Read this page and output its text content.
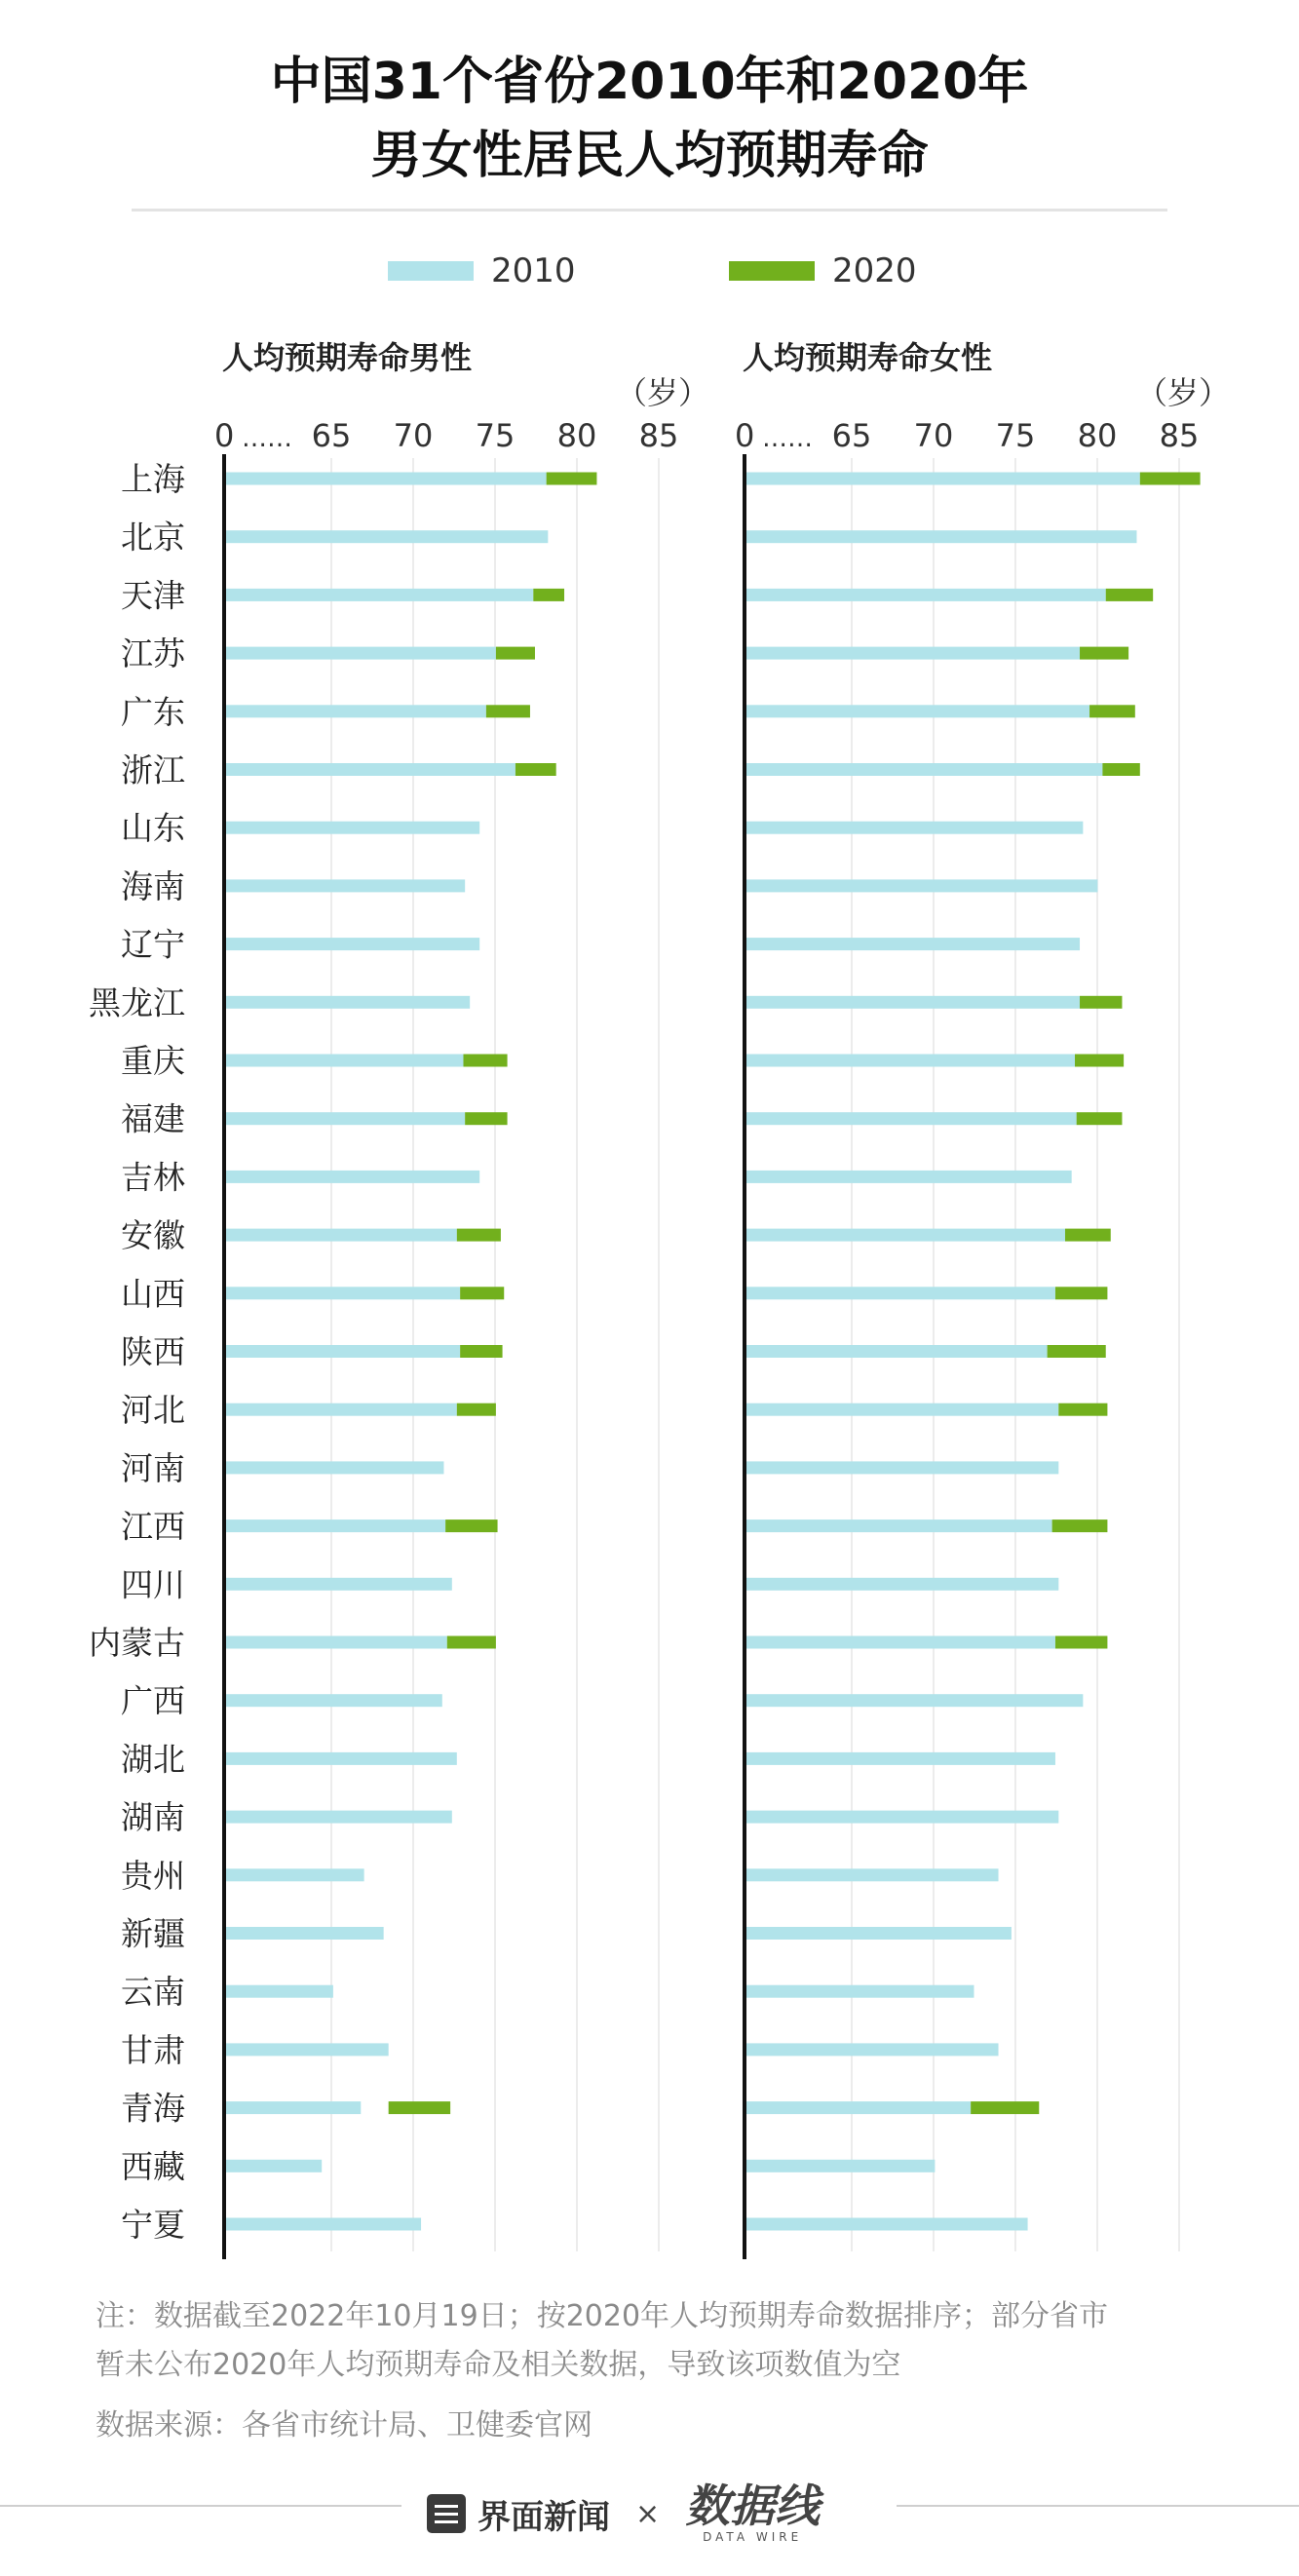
中国31个省份2010年和2020年
男女性居民人均预期寿命
2010	2020
人均预期寿命男性
（岁）
0 …… 65 70 75 80 85
上海
北京
天津
江苏
广东
浙江
山东
海南
辽宁
黑龙江
重庆
福建
吉林
安徽
山西
陕西
河北
河南
江西
四川
内蒙古
广西
湖北
湖南
贵州
新疆
云南
甘肃
青海
西藏
宁夏
人均预期寿命女性
（岁）
0 …… 65 70 75 80 85
注：数据截至2022年10月19日；按2020年人均预期寿命数据排序；部分省市
暂未公布2020年人均预期寿命及相关数据，导致该项数值为空
数据来源：各省市统计局、卫健委官网
界面新闻 × 数据线
DATA WIRE
